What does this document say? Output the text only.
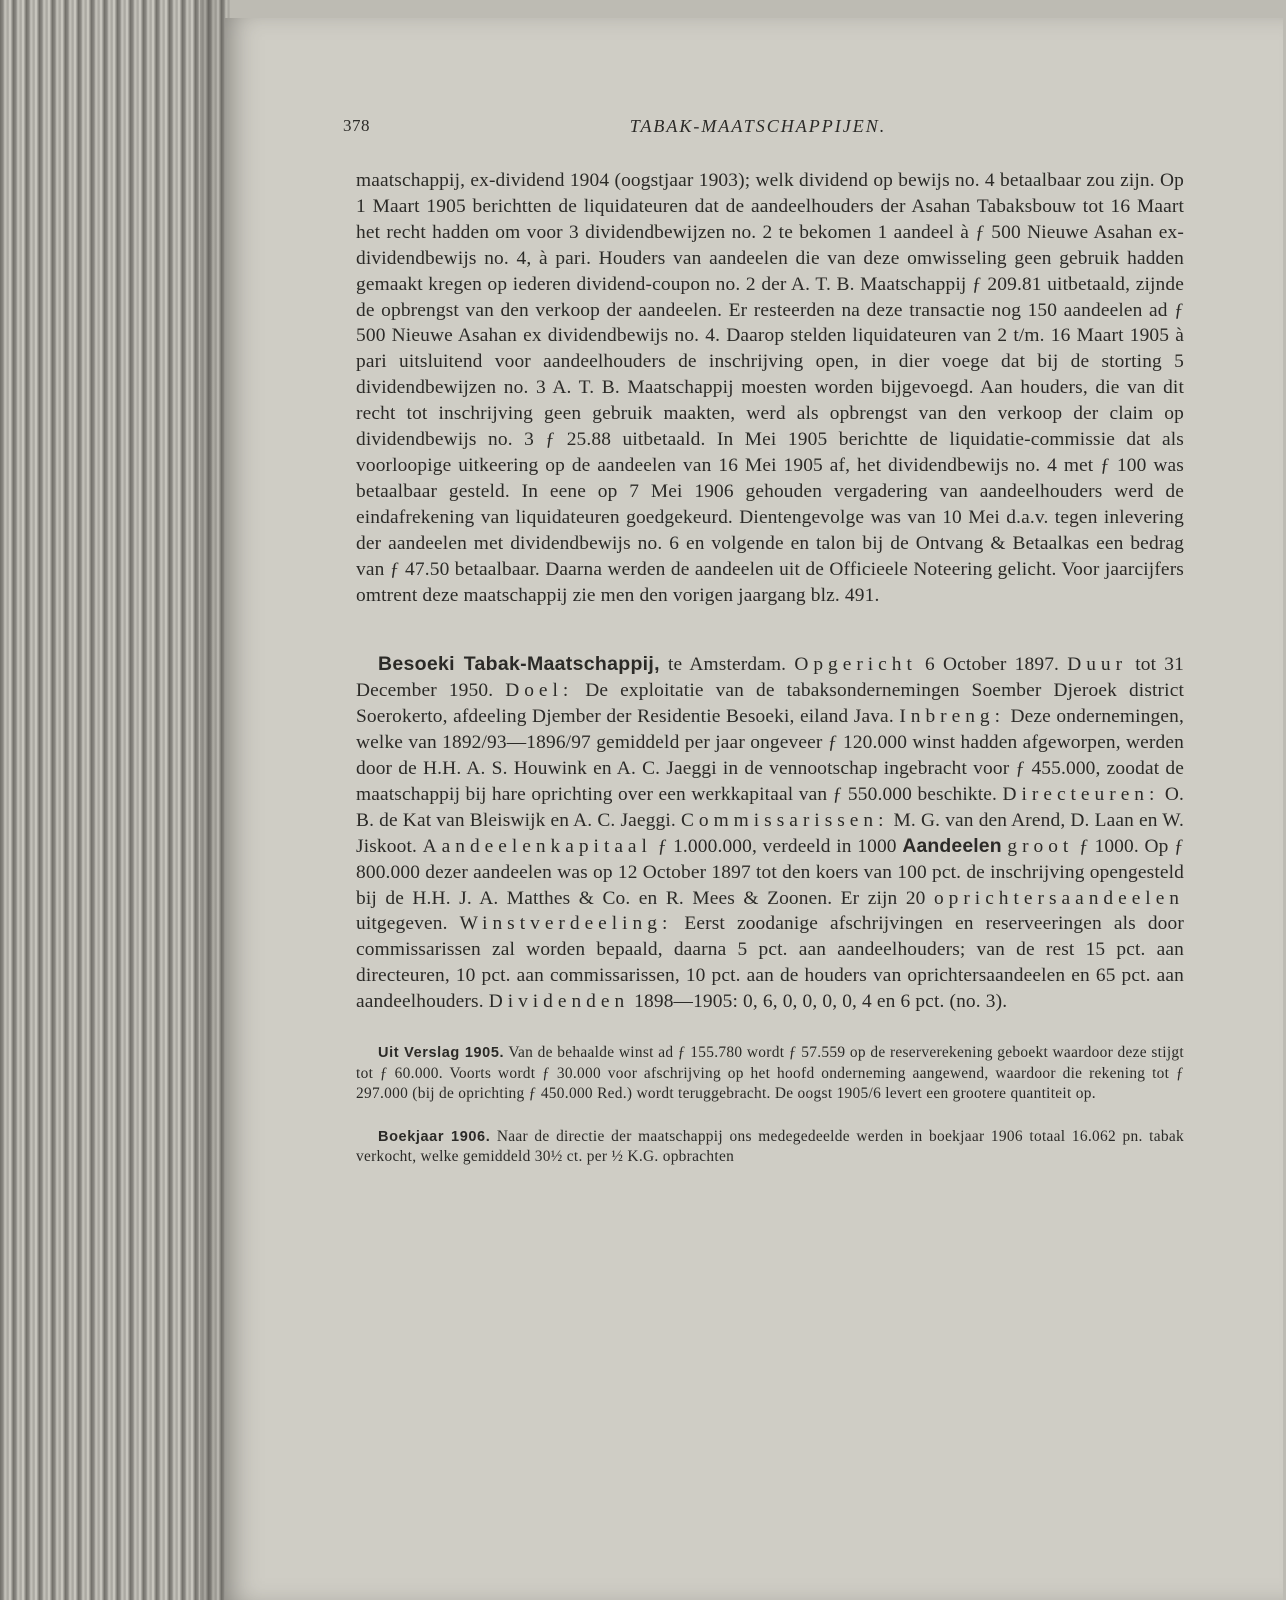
378	TABAK-MAATSCHAPPIJEN.

maatschappij, ex-dividend 1904 (oogstjaar 1903); welk dividend op bewijs no. 4 betaalbaar zou zijn. Op 1 Maart 1905 berichtten de liquidateuren dat de aandeelhouders der Asahan Tabaksbouw tot 16 Maart het recht hadden om voor 3 dividendbewijzen no. 2 te bekomen 1 aandeel à ƒ 500 Nieuwe Asahan ex-dividendbewijs no. 4, à pari. Houders van aandeelen die van deze omwisseling geen gebruik hadden gemaakt kregen op iederen dividend-coupon no. 2 der A. T. B. Maatschappij ƒ 209.81 uitbetaald, zijnde de opbrengst van den verkoop der aandeelen. Er resteerden na deze transactie nog 150 aandeelen ad ƒ 500 Nieuwe Asahan ex dividendbewijs no. 4. Daarop stelden liquidateuren van 2 t/m. 16 Maart 1905 à pari uitsluitend voor aandeelhouders de inschrijving open, in dier voege dat bij de storting 5 dividendbewijzen no. 3 A. T. B. Maatschappij moesten worden bijgevoegd. Aan houders, die van dit recht tot inschrijving geen gebruik maakten, werd als opbrengst van den verkoop der claim op dividendbewijs no. 3 ƒ 25.88 uitbetaald. In Mei 1905 berichtte de liquidatie-commissie dat als voorloopige uitkeering op de aandeelen van 16 Mei 1905 af, het dividendbewijs no. 4 met ƒ 100 was betaalbaar gesteld. In eene op 7 Mei 1906 gehouden vergadering van aandeelhouders werd de eindafrekening van liquidateuren goedgekeurd. Dientengevolge was van 10 Mei d.a.v. tegen inlevering der aandeelen met dividendbewijs no. 6 en volgende en talon bij de Ontvang & Betaalkas een bedrag van ƒ 47.50 betaalbaar. Daarna werden de aandeelen uit de Officieele Noteering gelicht. Voor jaarcijfers omtrent deze maatschappij zie men den vorigen jaargang blz. 491.

Besoeki Tabak-Maatschappij, te Amsterdam. Opgericht 6 October 1897. Duur tot 31 December 1950. Doel: De exploitatie van de tabaksondernemingen Soember Djeroek district Soerokerto, afdeeling Djember der Residentie Besoeki, eiland Java. Inbreng: Deze ondernemingen, welke van 1892/93—1896/97 gemiddeld per jaar ongeveer ƒ 120.000 winst hadden afgeworpen, werden door de H.H. A. S. Houwink en A. C. Jaeggi in de vennootschap ingebracht voor ƒ 455.000, zoodat de maatschappij bij hare oprichting over een werkkapitaal van ƒ 550.000 beschikte. Directeuren: O. B. de Kat van Bleiswijk en A. C. Jaeggi. Commissarissen: M. G. van den Arend, D. Laan en W. Jiskoot. Aandeelenkapitaal ƒ 1.000.000, verdeeld in 1000 Aandeelen groot ƒ 1000. Op ƒ 800.000 dezer aandeelen was op 12 October 1897 tot den koers van 100 pct. de inschrijving opengesteld bij de H.H. J. A. Matthes & Co. en R. Mees & Zoonen. Er zijn 20 oprichtersaandeelen uitgegeven. Winstverdeeling: Eerst zoodanige afschrijvingen en reserveeringen als door commissarissen zal worden bepaald, daarna 5 pct. aan aandeelhouders; van de rest 15 pct. aan directeuren, 10 pct. aan commissarissen, 10 pct. aan de houders van oprichtersaandeelen en 65 pct. aan aandeelhouders. Dividenden 1898—1905: 0, 6, 0, 0, 0, 0, 4 en 6 pct. (no. 3).

Uit Verslag 1905. Van de behaalde winst ad ƒ 155.780 wordt ƒ 57.559 op de reserverekening geboekt waardoor deze stijgt tot ƒ 60.000. Voorts wordt ƒ 30.000 voor afschrijving op het hoofd onderneming aangewend, waardoor die rekening tot ƒ 297.000 (bij de oprichting ƒ 450.000 Red.) wordt teruggebracht. De oogst 1905/6 levert een grootere quantiteit op.

Boekjaar 1906. Naar de directie der maatschappij ons medegedeelde werden in boekjaar 1906 totaal 16.062 pn. tabak verkocht, welke gemiddeld 30½ ct. per ½ K.G. opbrachten
